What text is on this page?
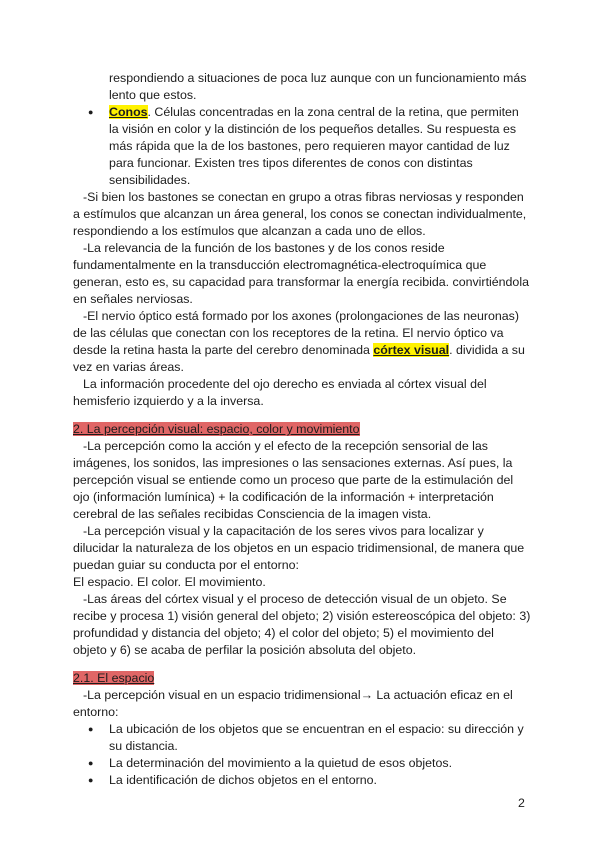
respondiendo a situaciones de poca luz aunque con un funcionamiento más lento que estos.

● Conos. Células concentradas en la zona central de la retina, que permiten la visión en color y la distinción de los pequeños detalles. Su respuesta es más rápida que la de los bastones, pero requieren mayor cantidad de luz para funcionar. Existen tres tipos diferentes de conos con distintas sensibilidades.

-Si bien los bastones se conectan en grupo a otras fibras nerviosas y responden a estímulos que alcanzan un área general, los conos se conectan individualmente, respondiendo a los estímulos que alcanzan a cada uno de ellos.

-La relevancia de la función de los bastones y de los conos reside fundamentalmente en la transducción electromagnética-electroquímica que generan, esto es, su capacidad para transformar la energía recibida. convirtiéndola en señales nerviosas.

-El nervio óptico está formado por los axones (prolongaciones de las neuronas) de las células que conectan con los receptores de la retina. El nervio óptico va desde la retina hasta la parte del cerebro denominada córtex visual. dividida a su vez en varias áreas.

La información procedente del ojo derecho es enviada al córtex visual del hemisferio izquierdo y a la inversa.

2. La percepción visual: espacio, color y movimiento

-La percepción como la acción y el efecto de la recepción sensorial de las imágenes, los sonidos, las impresiones o las sensaciones externas. Así pues, la percepción visual se entiende como un proceso que parte de la estimulación del ojo (información lumínica) + la codificación de la información + interpretación cerebral de las señales recibidas Consciencia de la imagen vista.

-La percepción visual y la capacitación de los seres vivos para localizar y dilucidar la naturaleza de los objetos en un espacio tridimensional, de manera que puedan guiar su conducta por el entorno:

El espacio. El color. El movimiento.

-Las áreas del córtex visual y el proceso de detección visual de un objeto. Se recibe y procesa 1) visión general del objeto; 2) visión estereoscópica del objeto: 3) profundidad y distancia del objeto; 4) el color del objeto; 5) el movimiento del objeto y 6) se acaba de perfilar la posición absoluta del objeto.

2.1. El espacio

-La percepción visual en un espacio tridimensional→ La actuación eficaz en el entorno:

● La ubicación de los objetos que se encuentran en el espacio: su dirección y su distancia.
● La determinación del movimiento a la quietud de esos objetos.
● La identificación de dichos objetos en el entorno.
2
